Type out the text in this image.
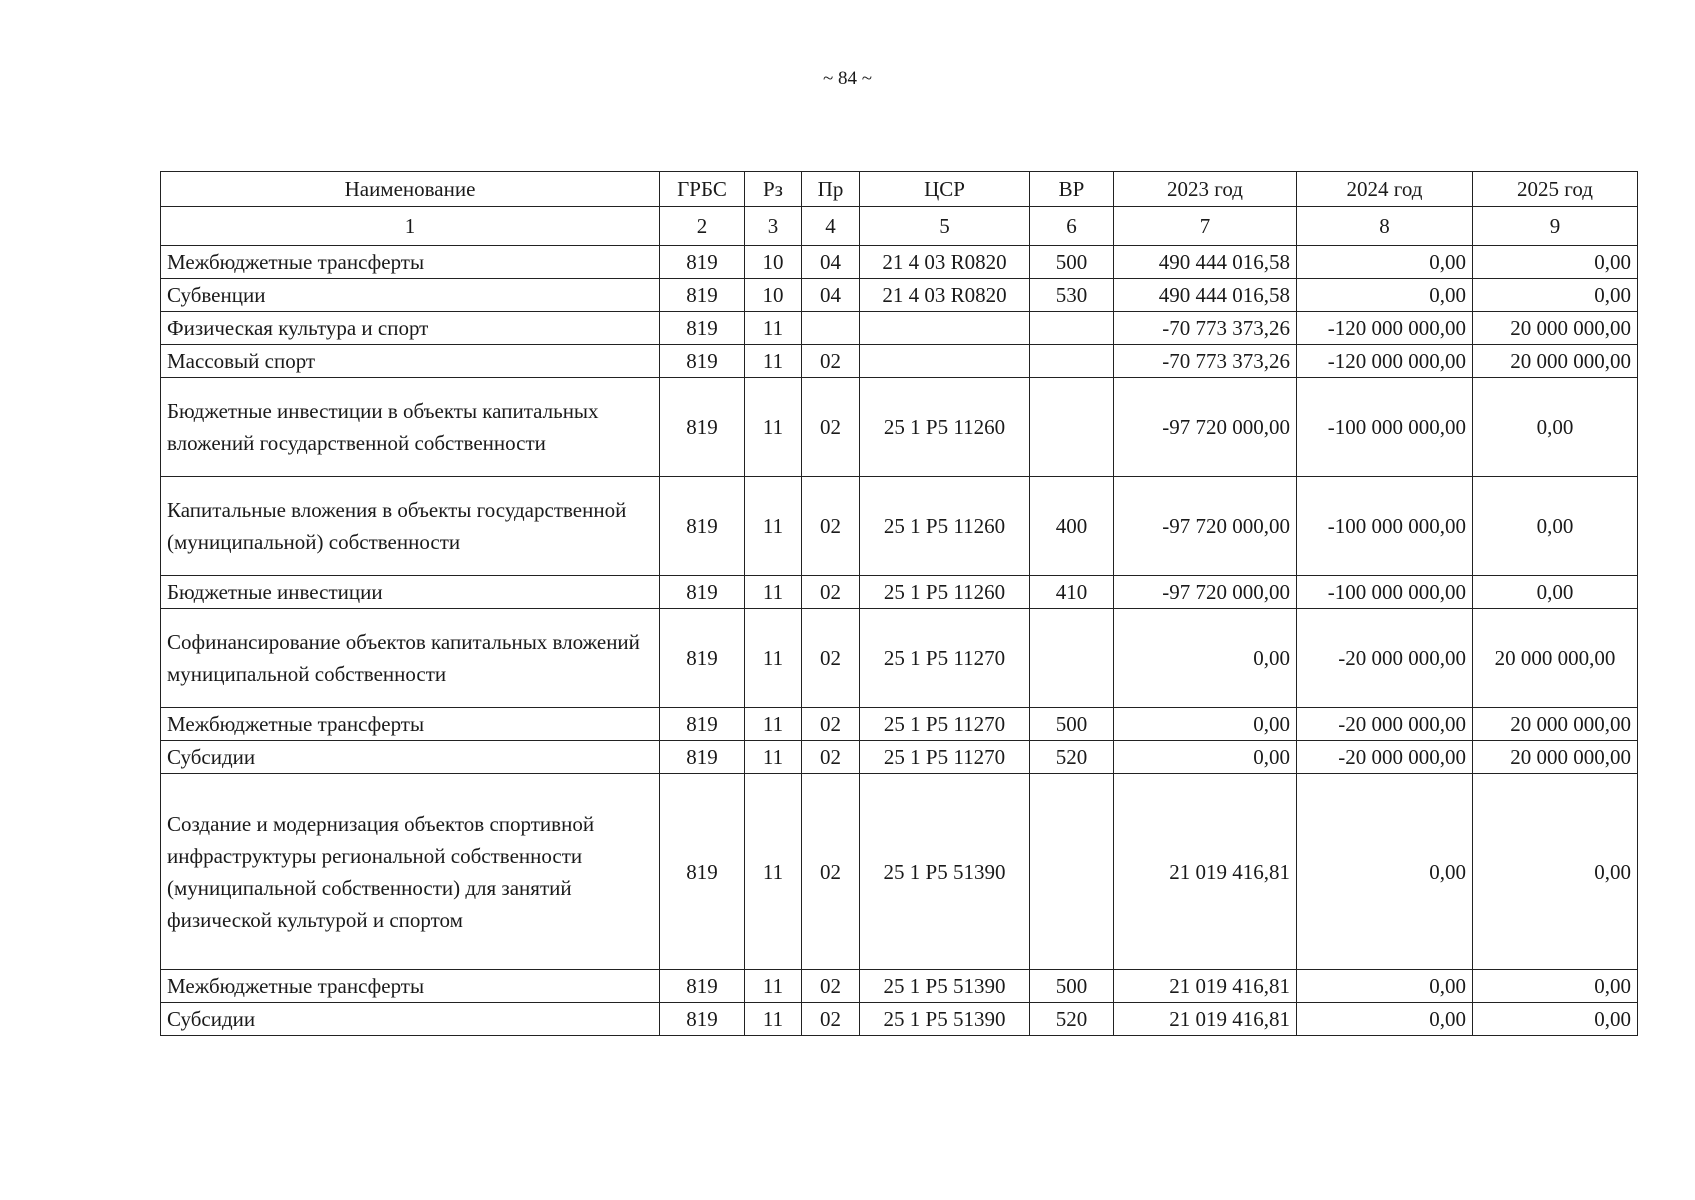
~ 84 ~
Наименование	ГРБС	Рз	Пр	ЦСР	ВР	2023 год	2024 год	2025 год
1	2	3	4	5	6	7	8	9
Межбюджетные трансферты	819	10	04	21 4 03 R0820	500	490 444 016,58	0,00	0,00
Субвенции	819	10	04	21 4 03 R0820	530	490 444 016,58	0,00	0,00
Физическая культура и спорт	819	11				-70 773 373,26	-120 000 000,00	20 000 000,00
Массовый спорт	819	11	02			-70 773 373,26	-120 000 000,00	20 000 000,00
Бюджетные инвестиции в объекты капитальных вложений государственной собственности	819	11	02	25 1 P5 11260		-97 720 000,00	-100 000 000,00	0,00
Капитальные вложения в объекты государственной (муниципальной) собственности	819	11	02	25 1 P5 11260	400	-97 720 000,00	-100 000 000,00	0,00
Бюджетные инвестиции	819	11	02	25 1 P5 11260	410	-97 720 000,00	-100 000 000,00	0,00
Софинансирование объектов капитальных вложений муниципальной собственности	819	11	02	25 1 P5 11270		0,00	-20 000 000,00	20 000 000,00
Межбюджетные трансферты	819	11	02	25 1 P5 11270	500	0,00	-20 000 000,00	20 000 000,00
Субсидии	819	11	02	25 1 P5 11270	520	0,00	-20 000 000,00	20 000 000,00
Создание и модернизация объектов спортивной инфраструктуры региональной собственности (муниципальной собственности) для занятий физической культурой и спортом	819	11	02	25 1 P5 51390		21 019 416,81	0,00	0,00
Межбюджетные трансферты	819	11	02	25 1 P5 51390	500	21 019 416,81	0,00	0,00
Субсидии	819	11	02	25 1 P5 51390	520	21 019 416,81	0,00	0,00
